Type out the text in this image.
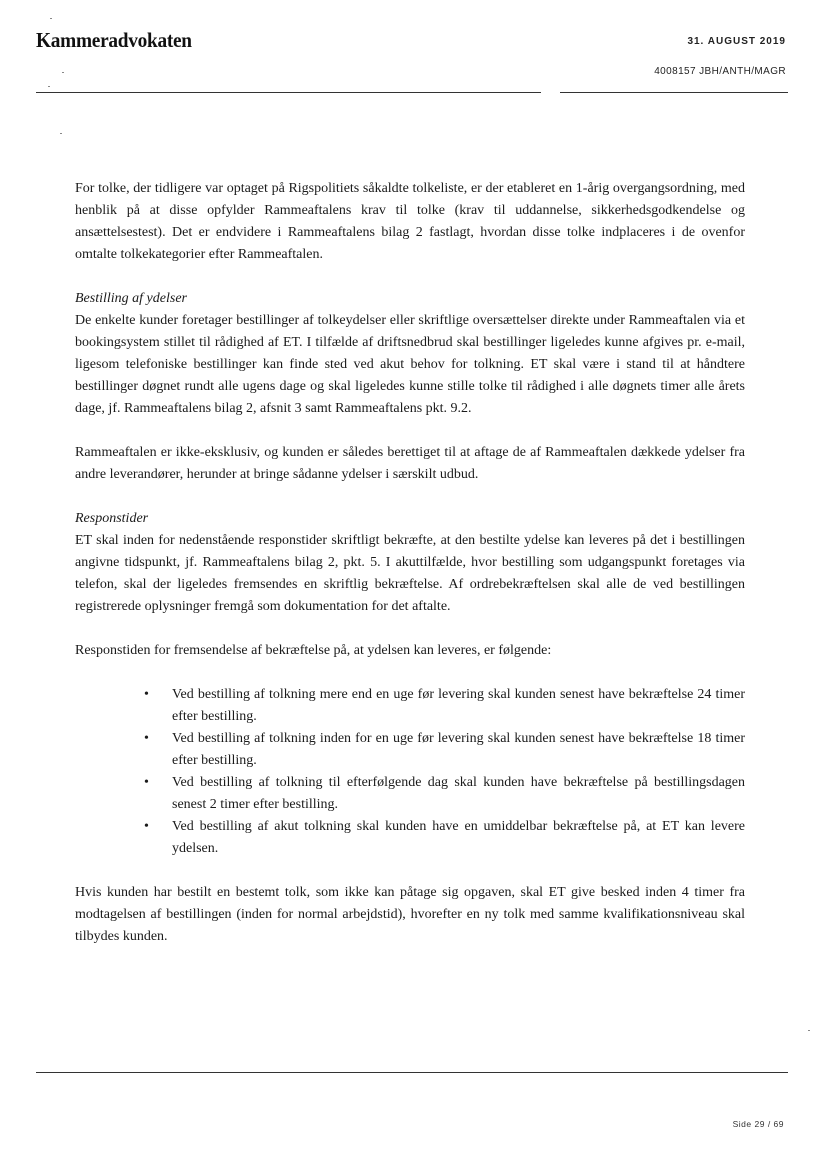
Kammeradvokaten	31. AUGUST 2019
4008157 JBH/ANTH/MAGR

For tolke, der tidligere var optaget på Rigspolitiets såkaldte tolkeliste, er der etableret en 1-årig overgangsordning, med henblik på at disse opfylder Rammeaftalens krav til tolke (krav til uddannelse, sikkerhedsgodkendelse og ansættelsestest). Det er endvidere i Rammeaftalens bilag 2 fastlagt, hvordan disse tolke indplaceres i de ovenfor omtalte tolkekategorier efter Rammeaftalen.

Bestilling af ydelser

De enkelte kunder foretager bestillinger af tolkeydelser eller skriftlige oversættelser direkte under Rammeaftalen via et bookingsystem stillet til rådighed af ET. I tilfælde af driftsnedbrud skal bestillinger ligeledes kunne afgives pr. e-mail, ligesom telefoniske bestillinger kan finde sted ved akut behov for tolkning. ET skal være i stand til at håndtere bestillinger døgnet rundt alle ugens dage og skal ligeledes kunne stille tolke til rådighed i alle døgnets timer alle årets dage, jf. Rammeaftalens bilag 2, afsnit 3 samt Rammeaftalens pkt. 9.2.

Rammeaftalen er ikke-eksklusiv, og kunden er således berettiget til at aftage de af Rammeaftalen dækkede ydelser fra andre leverandører, herunder at bringe sådanne ydelser i særskilt udbud.

Responstider

ET skal inden for nedenstående responstider skriftligt bekræfte, at den bestilte ydelse kan leveres på det i bestillingen angivne tidspunkt, jf. Rammeaftalens bilag 2, pkt. 5. I akuttilfælde, hvor bestilling som udgangspunkt foretages via telefon, skal der ligeledes fremsendes en skriftlig bekræftelse. Af ordrebekræftelsen skal alle de ved bestillingen registrerede oplysninger fremgå som dokumentation for det aftalte.

Responstiden for fremsendelse af bekræftelse på, at ydelsen kan leveres, er følgende:

• Ved bestilling af tolkning mere end en uge før levering skal kunden senest have bekræftelse 24 timer efter bestilling.
• Ved bestilling af tolkning inden for en uge før levering skal kunden senest have bekræftelse 18 timer efter bestilling.
• Ved bestilling af tolkning til efterfølgende dag skal kunden have bekræftelse på bestillingsdagen senest 2 timer efter bestilling.
• Ved bestilling af akut tolkning skal kunden have en umiddelbar bekræftelse på, at ET kan levere ydelsen.

Hvis kunden har bestilt en bestemt tolk, som ikke kan påtage sig opgaven, skal ET give besked inden 4 timer fra modtagelsen af bestillingen (inden for normal arbejdstid), hvorefter en ny tolk med samme kvalifikationsniveau skal tilbydes kunden.

Side 29 / 69
